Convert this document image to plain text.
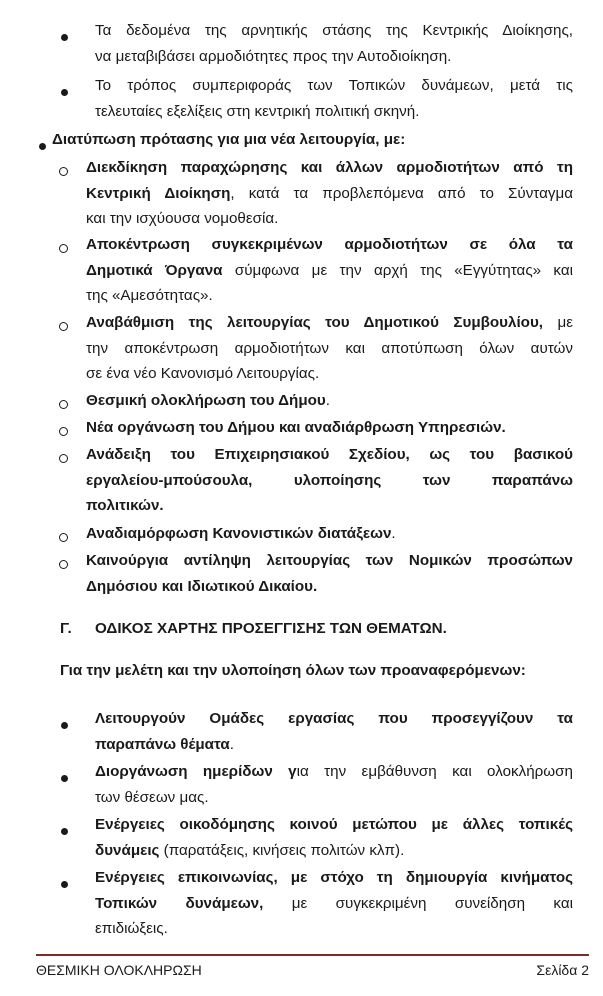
Τα δεδομένα της αρνητικής στάσης της Κεντρικής Διοίκησης,
να μεταβιβάσει αρμοδιότητες προς την Αυτοδιοίκηση.
Το τρόπος συμπεριφοράς των Τοπικών δυνάμεων, μετά τις
τελευταίες εξελίξεις στη κεντρική πολιτική σκηνή.
Διατύπωση πρότασης για μια νέα λειτουργία, με:
Διεκδίκηση παραχώρησης και άλλων αρμοδιοτήτων από τη
Κεντρική Διοίκηση, κατά τα προβλεπόμενα από το Σύνταγμα
και την ισχύουσα νομοθεσία.
Αποκέντρωση συγκεκριμένων αρμοδιοτήτων σε όλα τα
Δημοτικά Όργανα σύμφωνα με την αρχή της «Εγγύτητας» και
της «Αμεσότητας».
Αναβάθμιση της λειτουργίας του Δημοτικού Συμβουλίου, με
την αποκέντρωση αρμοδιοτήτων και αποτύπωση όλων αυτών
σε ένα νέο Κανονισμό Λειτουργίας.
Θεσμική ολοκλήρωση του Δήμου.
Νέα οργάνωση του Δήμου και αναδιάρθρωση Υπηρεσιών.
Ανάδειξη του Επιχειρησιακού Σχεδίου, ως του βασικού
εργαλείου-μπούσουλα, υλοποίησης των παραπάνω
πολιτικών.
Αναδιαμόρφωση Κανονιστικών διατάξεων.
Καινούργια αντίληψη λειτουργίας των Νομικών προσώπων
Δημόσιου και Ιδιωτικού Δικαίου.
Γ. ΟΔΙΚΟΣ ΧΑΡΤΗΣ ΠΡΟΣΕΓΓΙΣΗΣ ΤΩΝ ΘΕΜΑΤΩΝ.
Για την μελέτη και την υλοποίηση όλων των προαναφερόμενων:
Λειτουργούν Ομάδες εργασίας που προσεγγίζουν τα
παραπάνω θέματα.
Διοργάνωση ημερίδων για την εμβάθυνση και ολοκλήρωση
των θέσεων μας.
Ενέργειες οικοδόμησης κοινού μετώπου με άλλες τοπικές
δυνάμεις (παρατάξεις, κινήσεις πολιτών κλπ).
Ενέργειες επικοινωνίας, με στόχο τη δημιουργία κινήματος
Τοπικών δυνάμεων, με συγκεκριμένη συνείδηση και
επιδιώξεις.
ΘΕΣΜΙΚΗ ΟΛΟΚΛΗΡΩΣΗ	Σελίδα 2
